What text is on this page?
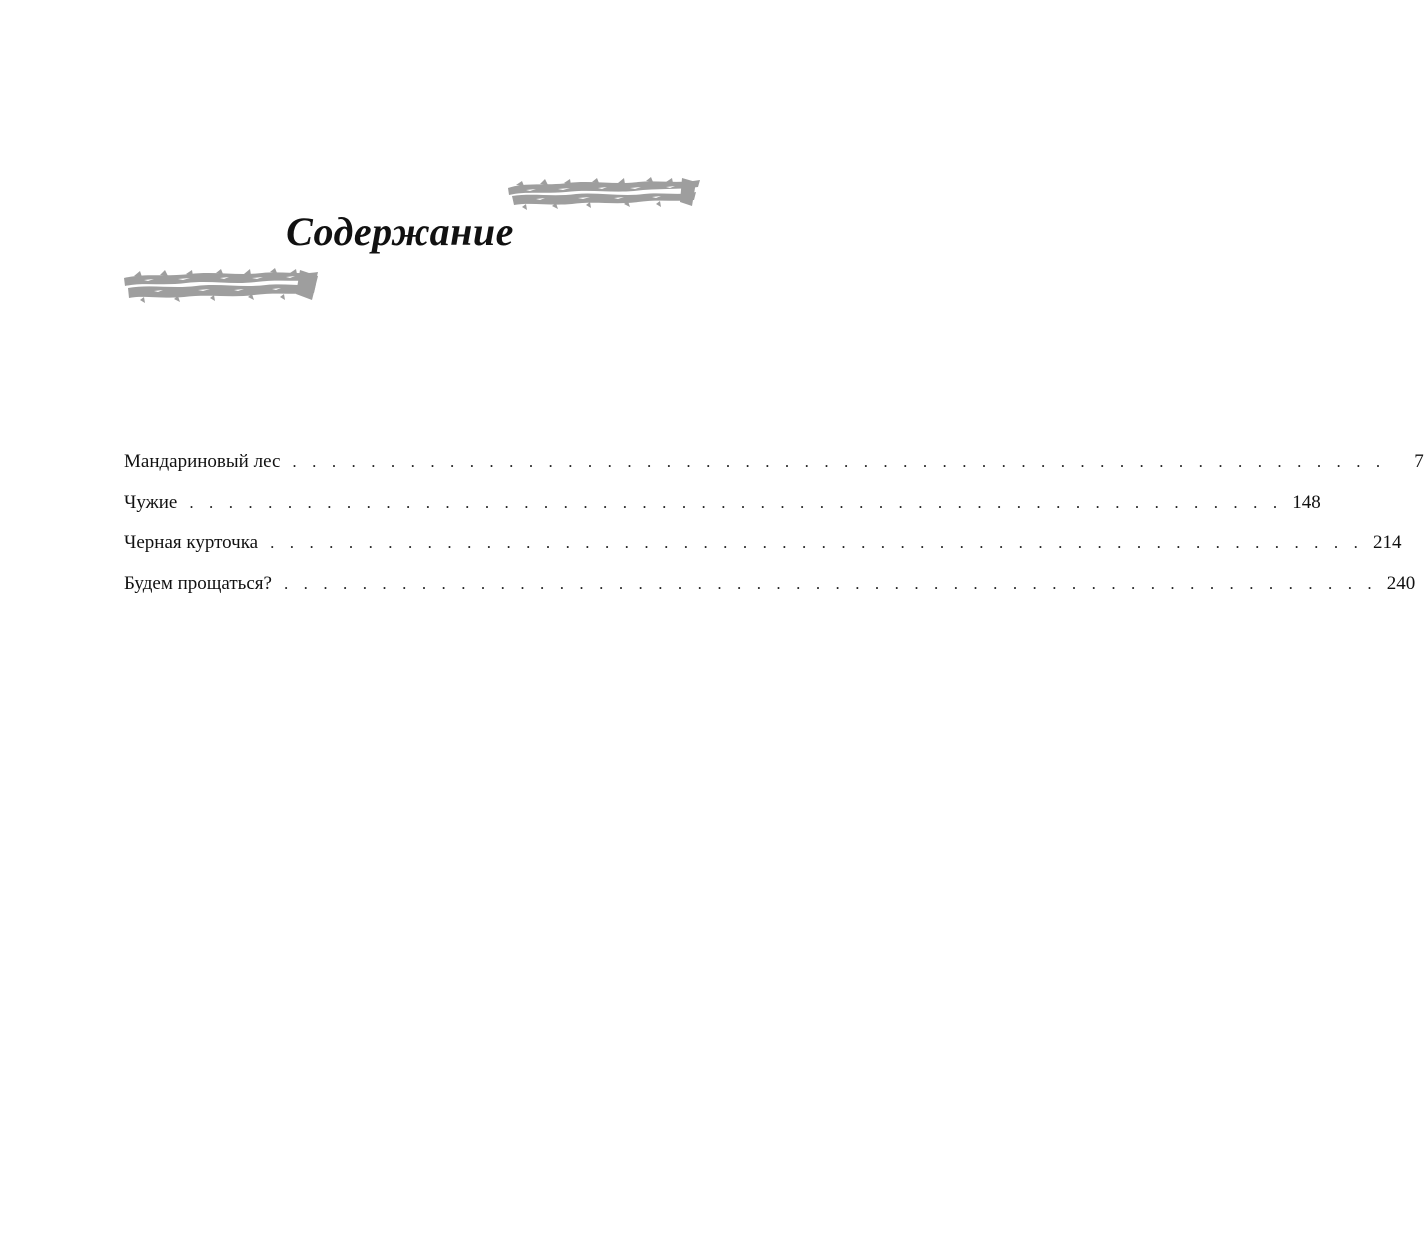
Содержание
Мандариновый лес . . . . . . . . . . . . . . . . . . . . . . . . . . . . . . . . . . . . . . . . . . . . . . . . . . . . . . . .	7
Чужие . . . . . . . . . . . . . . . . . . . . . . . . . . . . . . . . . . . . . . . . . . . . . . . . . . . . . . . . 148
Черная курточка . . . . . . . . . . . . . . . . . . . . . . . . . . . . . . . . . . . . . . . . . . . . . . . . . . . . . . . . 214
Будем прощаться? . . . . . . . . . . . . . . . . . . . . . . . . . . . . . . . . . . . . . . . . . . . . . . . . . . . . . . . . 240
